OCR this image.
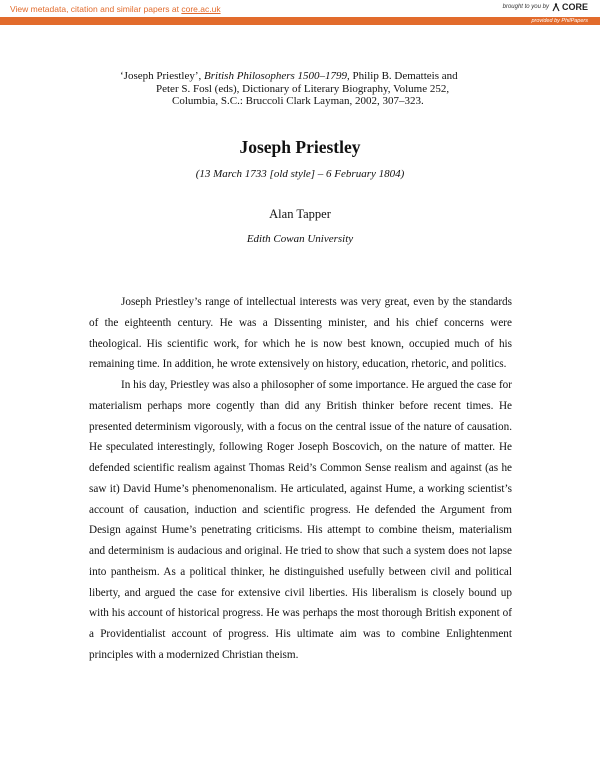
View metadata, citation and similar papers at core.ac.uk	brought to you by CORE
provided by PhilPapers
‘Joseph Priestley’, British Philosophers 1500–1799, Philip B. Dematteis and
Peter S. Fosl (eds), Dictionary of Literary Biography, Volume 252,
Columbia, S.C.: Bruccoli Clark Layman, 2002, 307–323.
Joseph Priestley
(13 March 1733 [old style] – 6 February 1804)
Alan Tapper
Edith Cowan University

Joseph Priestley’s range of intellectual interests was very great, even by the standards of the eighteenth century. He was a Dissenting minister, and his chief concerns were theological. His scientific work, for which he is now best known, occupied much of his remaining time. In addition, he wrote extensively on history, education, rhetoric, and politics.

In his day, Priestley was also a philosopher of some importance. He argued the case for materialism perhaps more cogently than did any British thinker before recent times. He presented determinism vigorously, with a focus on the central issue of the nature of causation. He speculated interestingly, following Roger Joseph Boscovich, on the nature of matter. He defended scientific realism against Thomas Reid’s Common Sense realism and against (as he saw it) David Hume’s phenomenonalism. He articulated, against Hume, a working scientist’s account of causation, induction and scientific progress. He defended the Argument from Design against Hume’s penetrating criticisms. His attempt to combine theism, materialism and determinism is audacious and original. He tried to show that such a system does not lapse into pantheism. As a political thinker, he distinguished usefully between civil and political liberty, and argued the case for extensive civil liberties. His liberalism is closely bound up with his account of historical progress. He was perhaps the most thorough British exponent of a Providentialist account of progress. His ultimate aim was to combine Enlightenment principles with a modernized Christian theism.
